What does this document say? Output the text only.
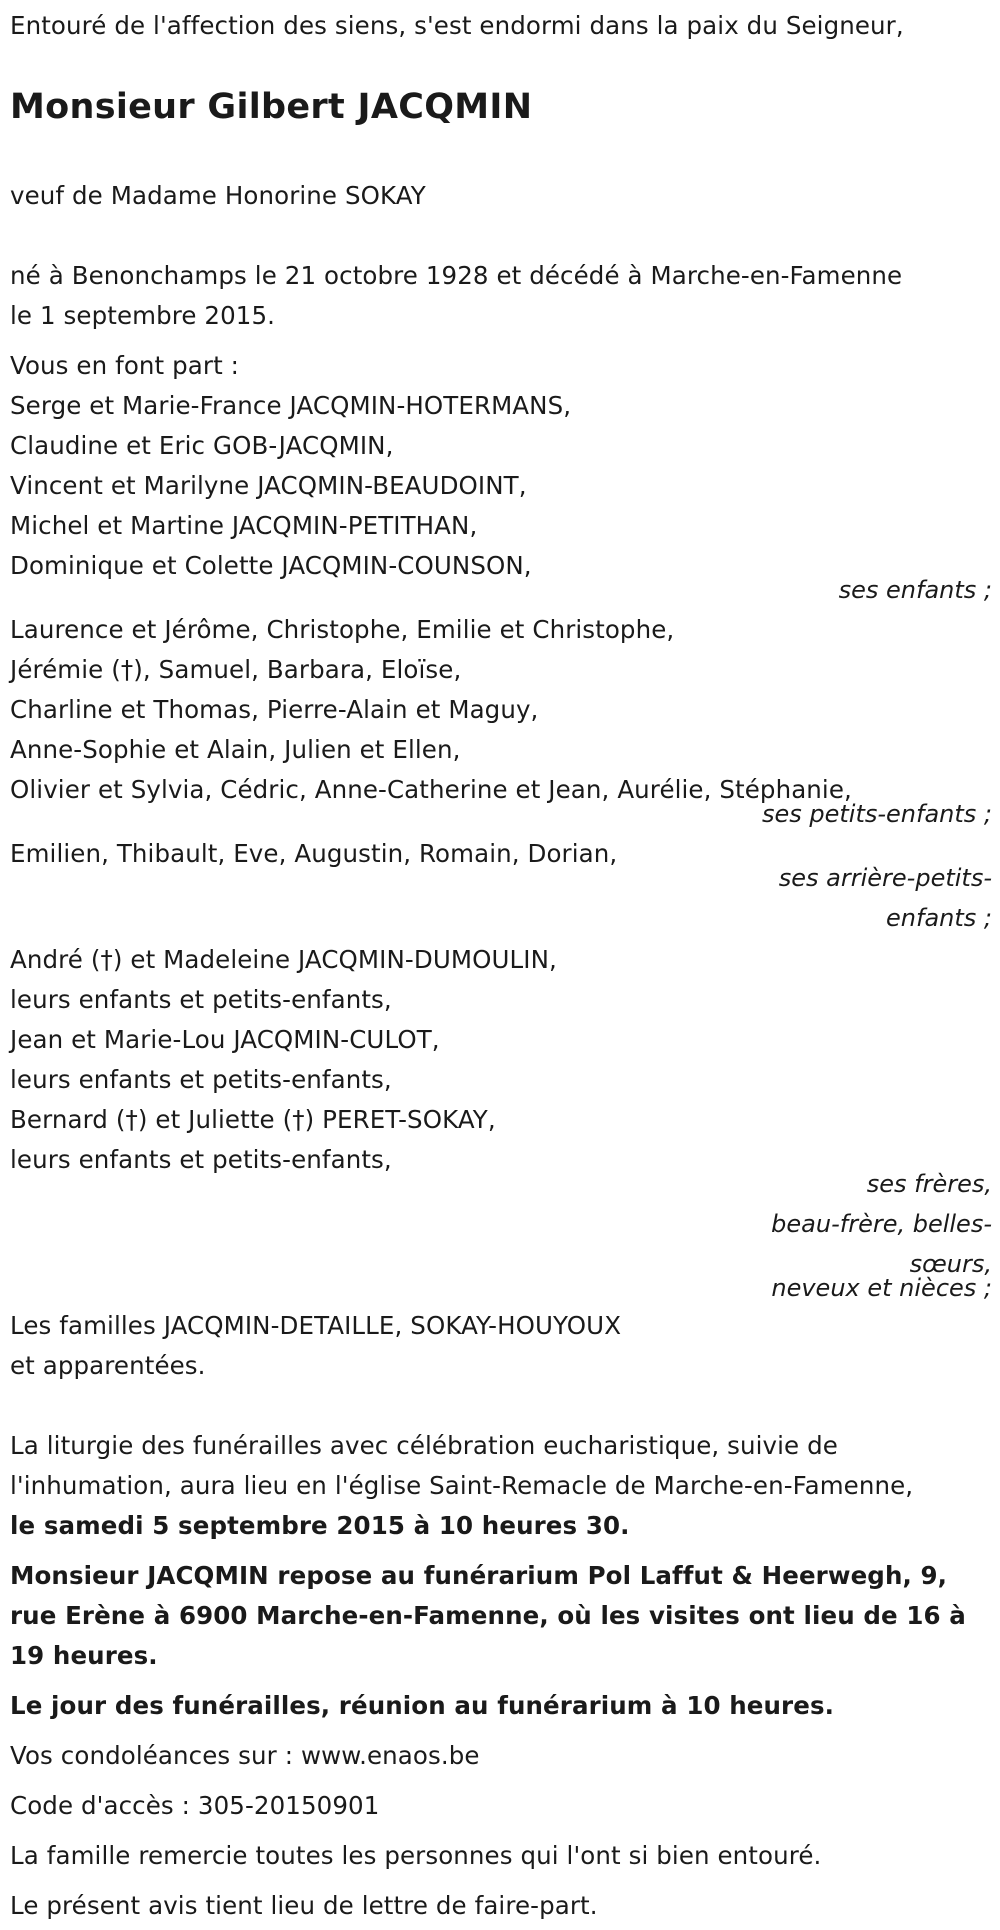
Entouré de l'affection des siens, s'est endormi dans la paix du Seigneur,
Monsieur Gilbert JACQMIN
veuf de Madame Honorine SOKAY
né à Benonchamps le 21 octobre 1928 et décédé à Marche-en-Famenne
le 1 septembre 2015.
Vous en font part :
Serge et Marie-France JACQMIN-HOTERMANS,
Claudine et Eric GOB-JACQMIN,
Vincent et Marilyne JACQMIN-BEAUDOINT,
Michel et Martine JACQMIN-PETITHAN,
Dominique et Colette JACQMIN-COUNSON,
ses enfants ;
Laurence et Jérôme, Christophe, Emilie et Christophe,
Jérémie (†), Samuel, Barbara, Eloïse,
Charline et Thomas, Pierre-Alain et Maguy,
Anne-Sophie et Alain, Julien et Ellen,
Olivier et Sylvia, Cédric, Anne-Catherine et Jean, Aurélie, Stéphanie,
ses petits-enfants ;
Emilien, Thibault, Eve, Augustin, Romain, Dorian,
ses arrière-petits-
enfants ;
André (†) et Madeleine JACQMIN-DUMOULIN,
leurs enfants et petits-enfants,
Jean et Marie-Lou JACQMIN-CULOT,
leurs enfants et petits-enfants,
Bernard (†) et Juliette (†) PERET-SOKAY,
leurs enfants et petits-enfants,
ses frères,
beau-frère, belles-
sœurs,
neveux et nièces ;
Les familles JACQMIN-DETAILLE, SOKAY-HOUYOUX
et apparentées.
La liturgie des funérailles avec célébration eucharistique, suivie de
l'inhumation, aura lieu en l'église Saint-Remacle de Marche-en-Famenne,
le samedi 5 septembre 2015 à 10 heures 30.
Monsieur JACQMIN repose au funérarium Pol Laffut & Heerwegh, 9,
rue Erène à 6900 Marche-en-Famenne, où les visites ont lieu de 16 à
19 heures.
Le jour des funérailles, réunion au funérarium à 10 heures.
Vos condoléances sur : www.enaos.be
Code d'accès : 305-20150901
La famille remercie toutes les personnes qui l'ont si bien entouré.
Le présent avis tient lieu de lettre de faire-part.
